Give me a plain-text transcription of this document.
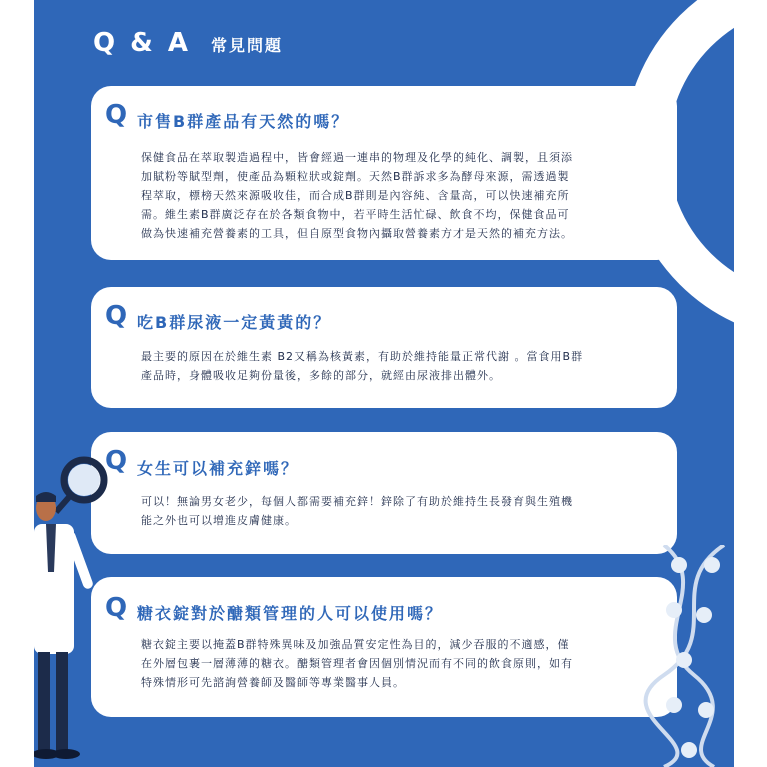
Q & A 常見問題
Q 市售B群產品有天然的嗎？
保健食品在萃取製造過程中，皆會經過一連串的物理及化學的純化、調製，且須添
加賦粉等賦型劑，使產品為顆粒狀或錠劑。天然B群訴求多為酵母來源，需透過製
程萃取，標榜天然來源吸收佳，而合成B群則是內容純、含量高，可以快速補充所
需。維生素B群廣泛存在於各類食物中，若平時生活忙碌、飲食不均，保健食品可
做為快速補充營養素的工具，但自原型食物內攝取營養素方才是天然的補充方法。
Q 吃B群尿液一定黃黃的？
最主要的原因在於維生素 B2又稱為核黃素，有助於維持能量正常代謝 。當食用B群
產品時，身體吸收足夠份量後，多餘的部分，就經由尿液排出體外。
Q 女生可以補充鋅嗎？
可以！無論男女老少，每個人都需要補充鋅！鋅除了有助於維持生長發育與生殖機
能之外也可以增進皮膚健康。
Q 糖衣錠對於醣類管理的人可以使用嗎？
糖衣錠主要以掩蓋B群特殊異味及加強品質安定性為目的，減少吞服的不適感，僅
在外層包裹一層薄薄的糖衣。醣類管理者會因個別情況而有不同的飲食原則，如有
特殊情形可先諮詢營養師及醫師等專業醫事人員。
